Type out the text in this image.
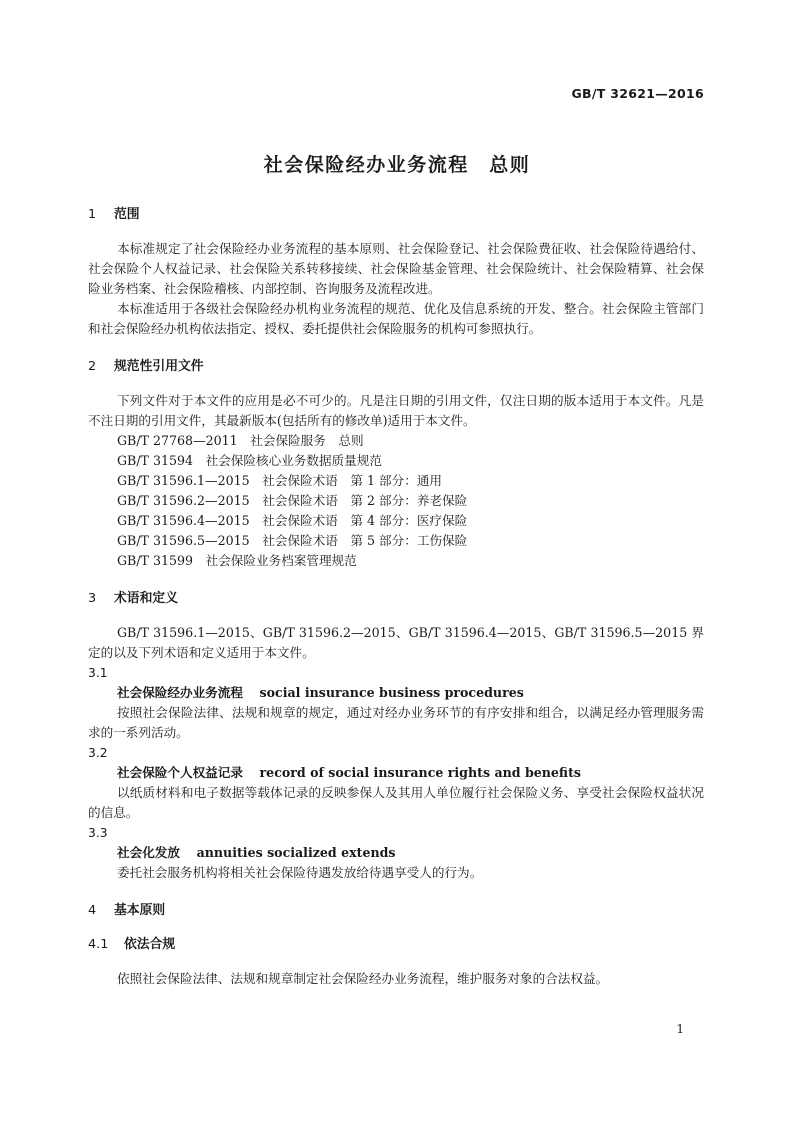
GB/T 32621—2016
社会保险经办业务流程　总则
1 范围

本标准规定了社会保险经办业务流程的基本原则、社会保险登记、社会保险费征收、社会保险待遇给付、社会保险个人权益记录、社会保险关系转移接续、社会保险基金管理、社会保险统计、社会保险精算、社会保险业务档案、社会保险稽核、内部控制、咨询服务及流程改进。

本标准适用于各级社会保险经办机构业务流程的规范、优化及信息系统的开发、整合。社会保险主管部门和社会保险经办机构依法指定、授权、委托提供社会保险服务的机构可参照执行。

2 规范性引用文件

下列文件对于本文件的应用是必不可少的。凡是注日期的引用文件，仅注日期的版本适用于本文件。凡是不注日期的引用文件，其最新版本(包括所有的修改单)适用于本文件。

GB/T 27768—2011　社会保险服务　总则
GB/T 31594　社会保险核心业务数据质量规范
GB/T 31596.1—2015　社会保险术语　第 1 部分：通用
GB/T 31596.2—2015　社会保险术语　第 2 部分：养老保险
GB/T 31596.4—2015　社会保险术语　第 4 部分：医疗保险
GB/T 31596.5—2015　社会保险术语　第 5 部分：工伤保险
GB/T 31599　社会保险业务档案管理规范
3 术语和定义

GB/T 31596.1—2015、GB/T 31596.2—2015、GB/T 31596.4—2015、GB/T 31596.5—2015 界定的以及下列术语和定义适用于本文件。

3.1
社会保险经办业务流程　 social insurance business procedures

按照社会保险法律、法规和规章的规定，通过对经办业务环节的有序安排和组合，以满足经办管理服务需求的一系列活动。

3.2
社会保险个人权益记录　 record of social insurance rights and benefits

以纸质材料和电子数据等载体记录的反映参保人及其用人单位履行社会保险义务、享受社会保险权益状况的信息。

3.3
社会化发放　 annuities socialized extends

委托社会服务机构将相关社会保险待遇发放给待遇享受人的行为。

4 基本原则
4.1 依法合规

依照社会保险法律、法规和规章制定社会保险经办业务流程，维护服务对象的合法权益。

1
